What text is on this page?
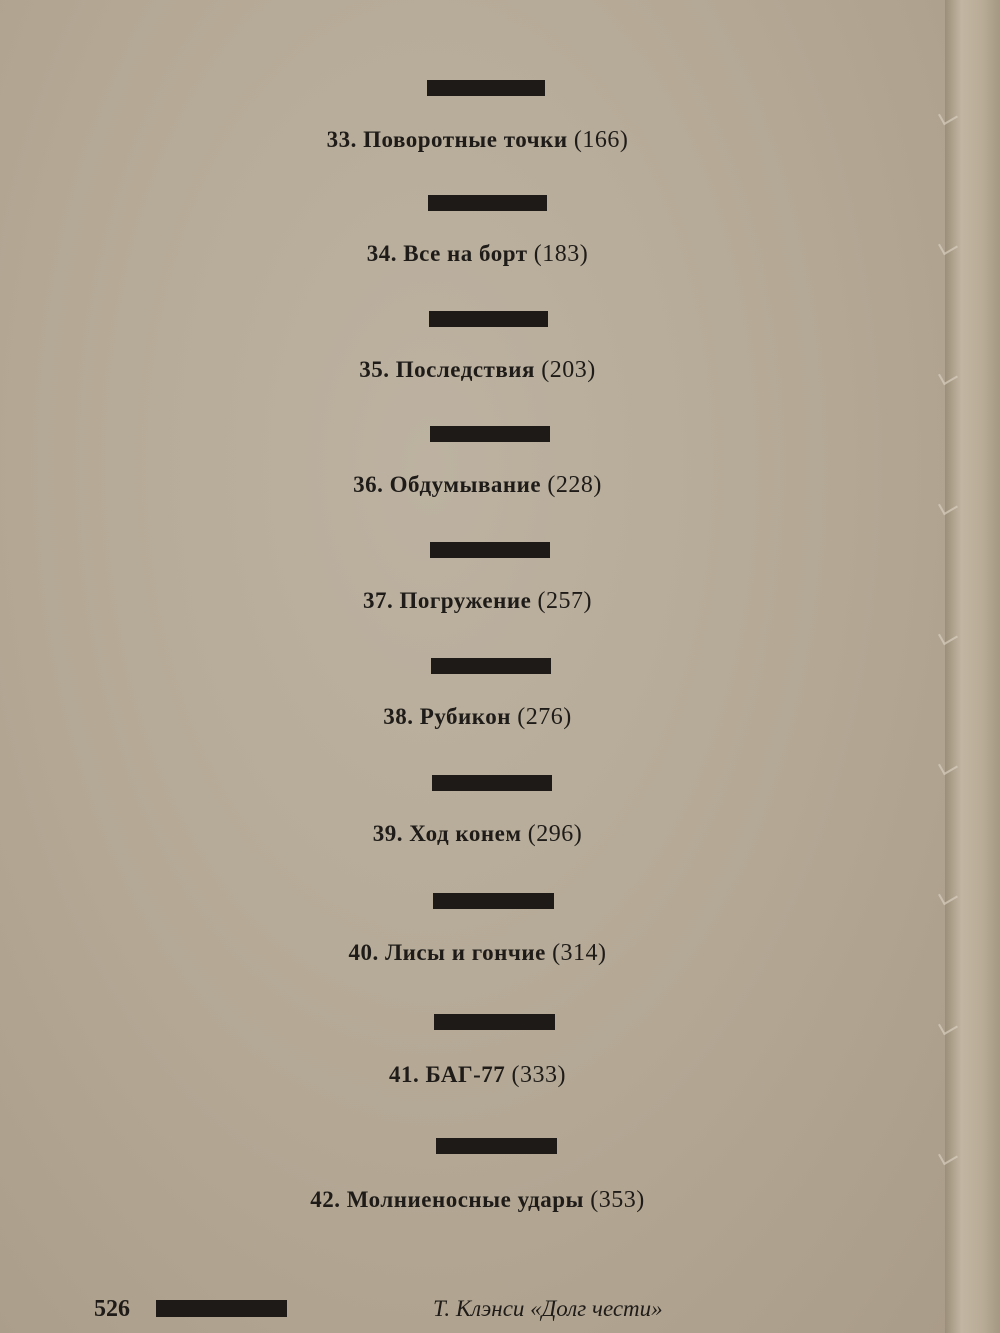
33. Поворотные точки (166)
34. Все на борт (183)
35. Последствия (203)
36. Обдумывание (228)
37. Погружение (257)
38. Рубикон (276)
39. Ход конем (296)
40. Лисы и гончие (314)
41. БАГ-77 (333)
42. Молниеносные удары (353)
526	Т. Клэнси «Долг чести»
